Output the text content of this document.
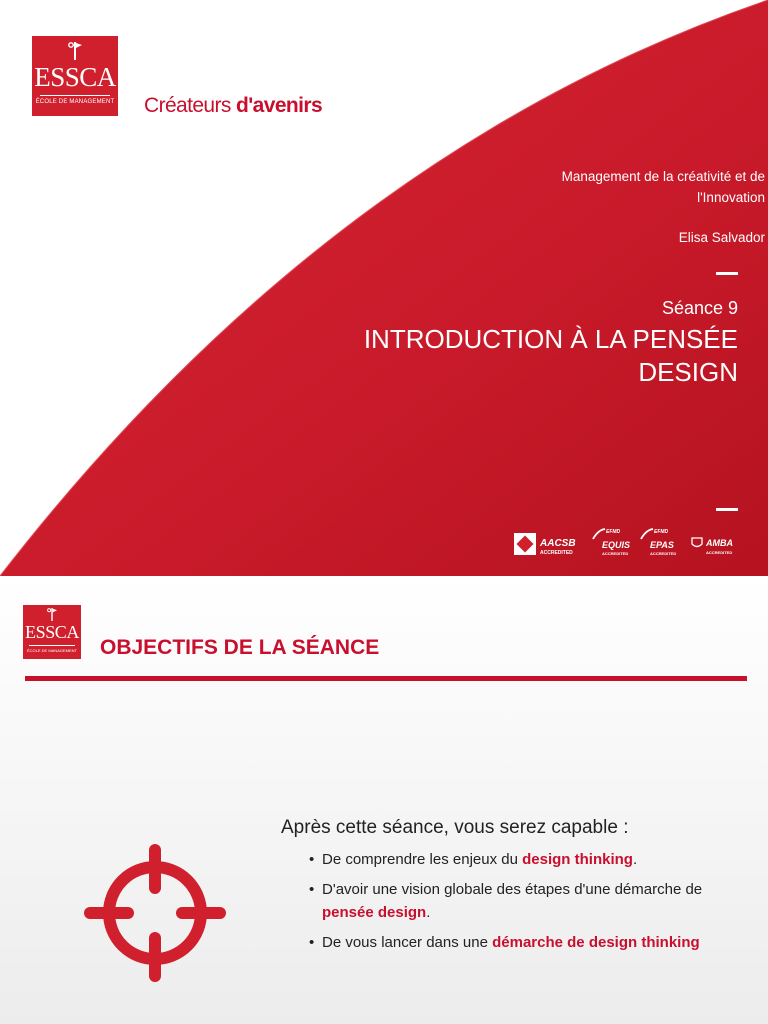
ESSCA
ÉCOLE DE MANAGEMENT Créateurs d'avenirs
Management de la créativité et de
l'Innovation
Elisa Salvador
Séance 9
INTRODUCTION À LA PENSÉE
DESIGN
AACSB
ACCREDITED
EFMD
EQUIS
ACCREDITED
EFMD
EPAS
ACCREDITED
AMBA
ACCREDITED
ESSCA
ÉCOLE DE MANAGEMENT OBJECTIFS DE LA SÉANCE
Après cette séance, vous serez capable :
• De comprendre les enjeux du design thinking.
• D'avoir une vision globale des étapes d'une démarche de pensée design.
• De vous lancer dans une démarche de design thinking
